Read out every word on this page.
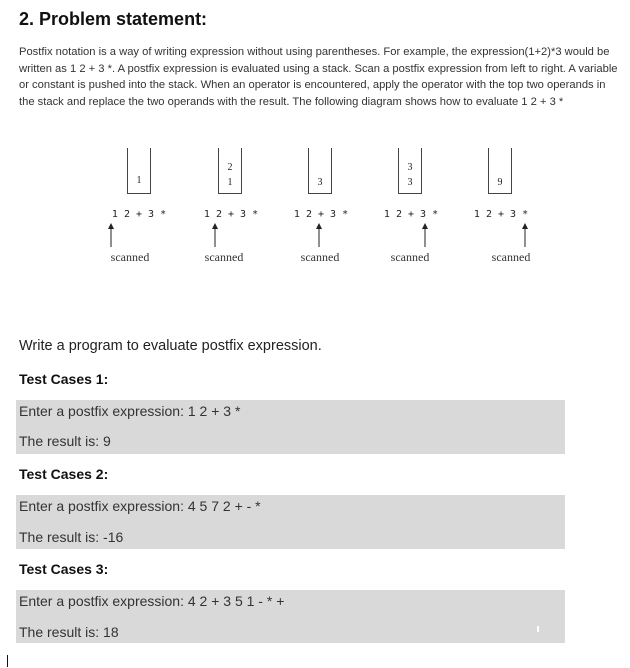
2. Problem statement:
Postfix notation is a way of writing expression without using parentheses. For example, the expression(1+2)*3 would be written as 1 2 + 3 *. A postfix expression is evaluated using a stack. Scan a postfix expression from left to right. A variable or constant is pushed into the stack. When an operator is encountered, apply the operator with the top two operands in the stack and replace the two operands with the result. The following diagram shows how to evaluate 1 2 + 3 *
1
1 2 + 3 *
scanned
2
1
1 2 + 3 *
scanned
3
1 2 + 3 *
scanned
3
3
1 2 + 3 *
scanned
9
1 2 + 3 *
scanned
Write a program to evaluate postfix expression.
Test Cases 1:
Enter a postfix expression: 1 2 + 3 *
The result is: 9
Test Cases 2:
Enter a postfix expression: 4 5 7 2 + - *
The result is: -16
Test Cases 3:
Enter a postfix expression: 4 2 + 3 5 1 - * +
The result is: 18
